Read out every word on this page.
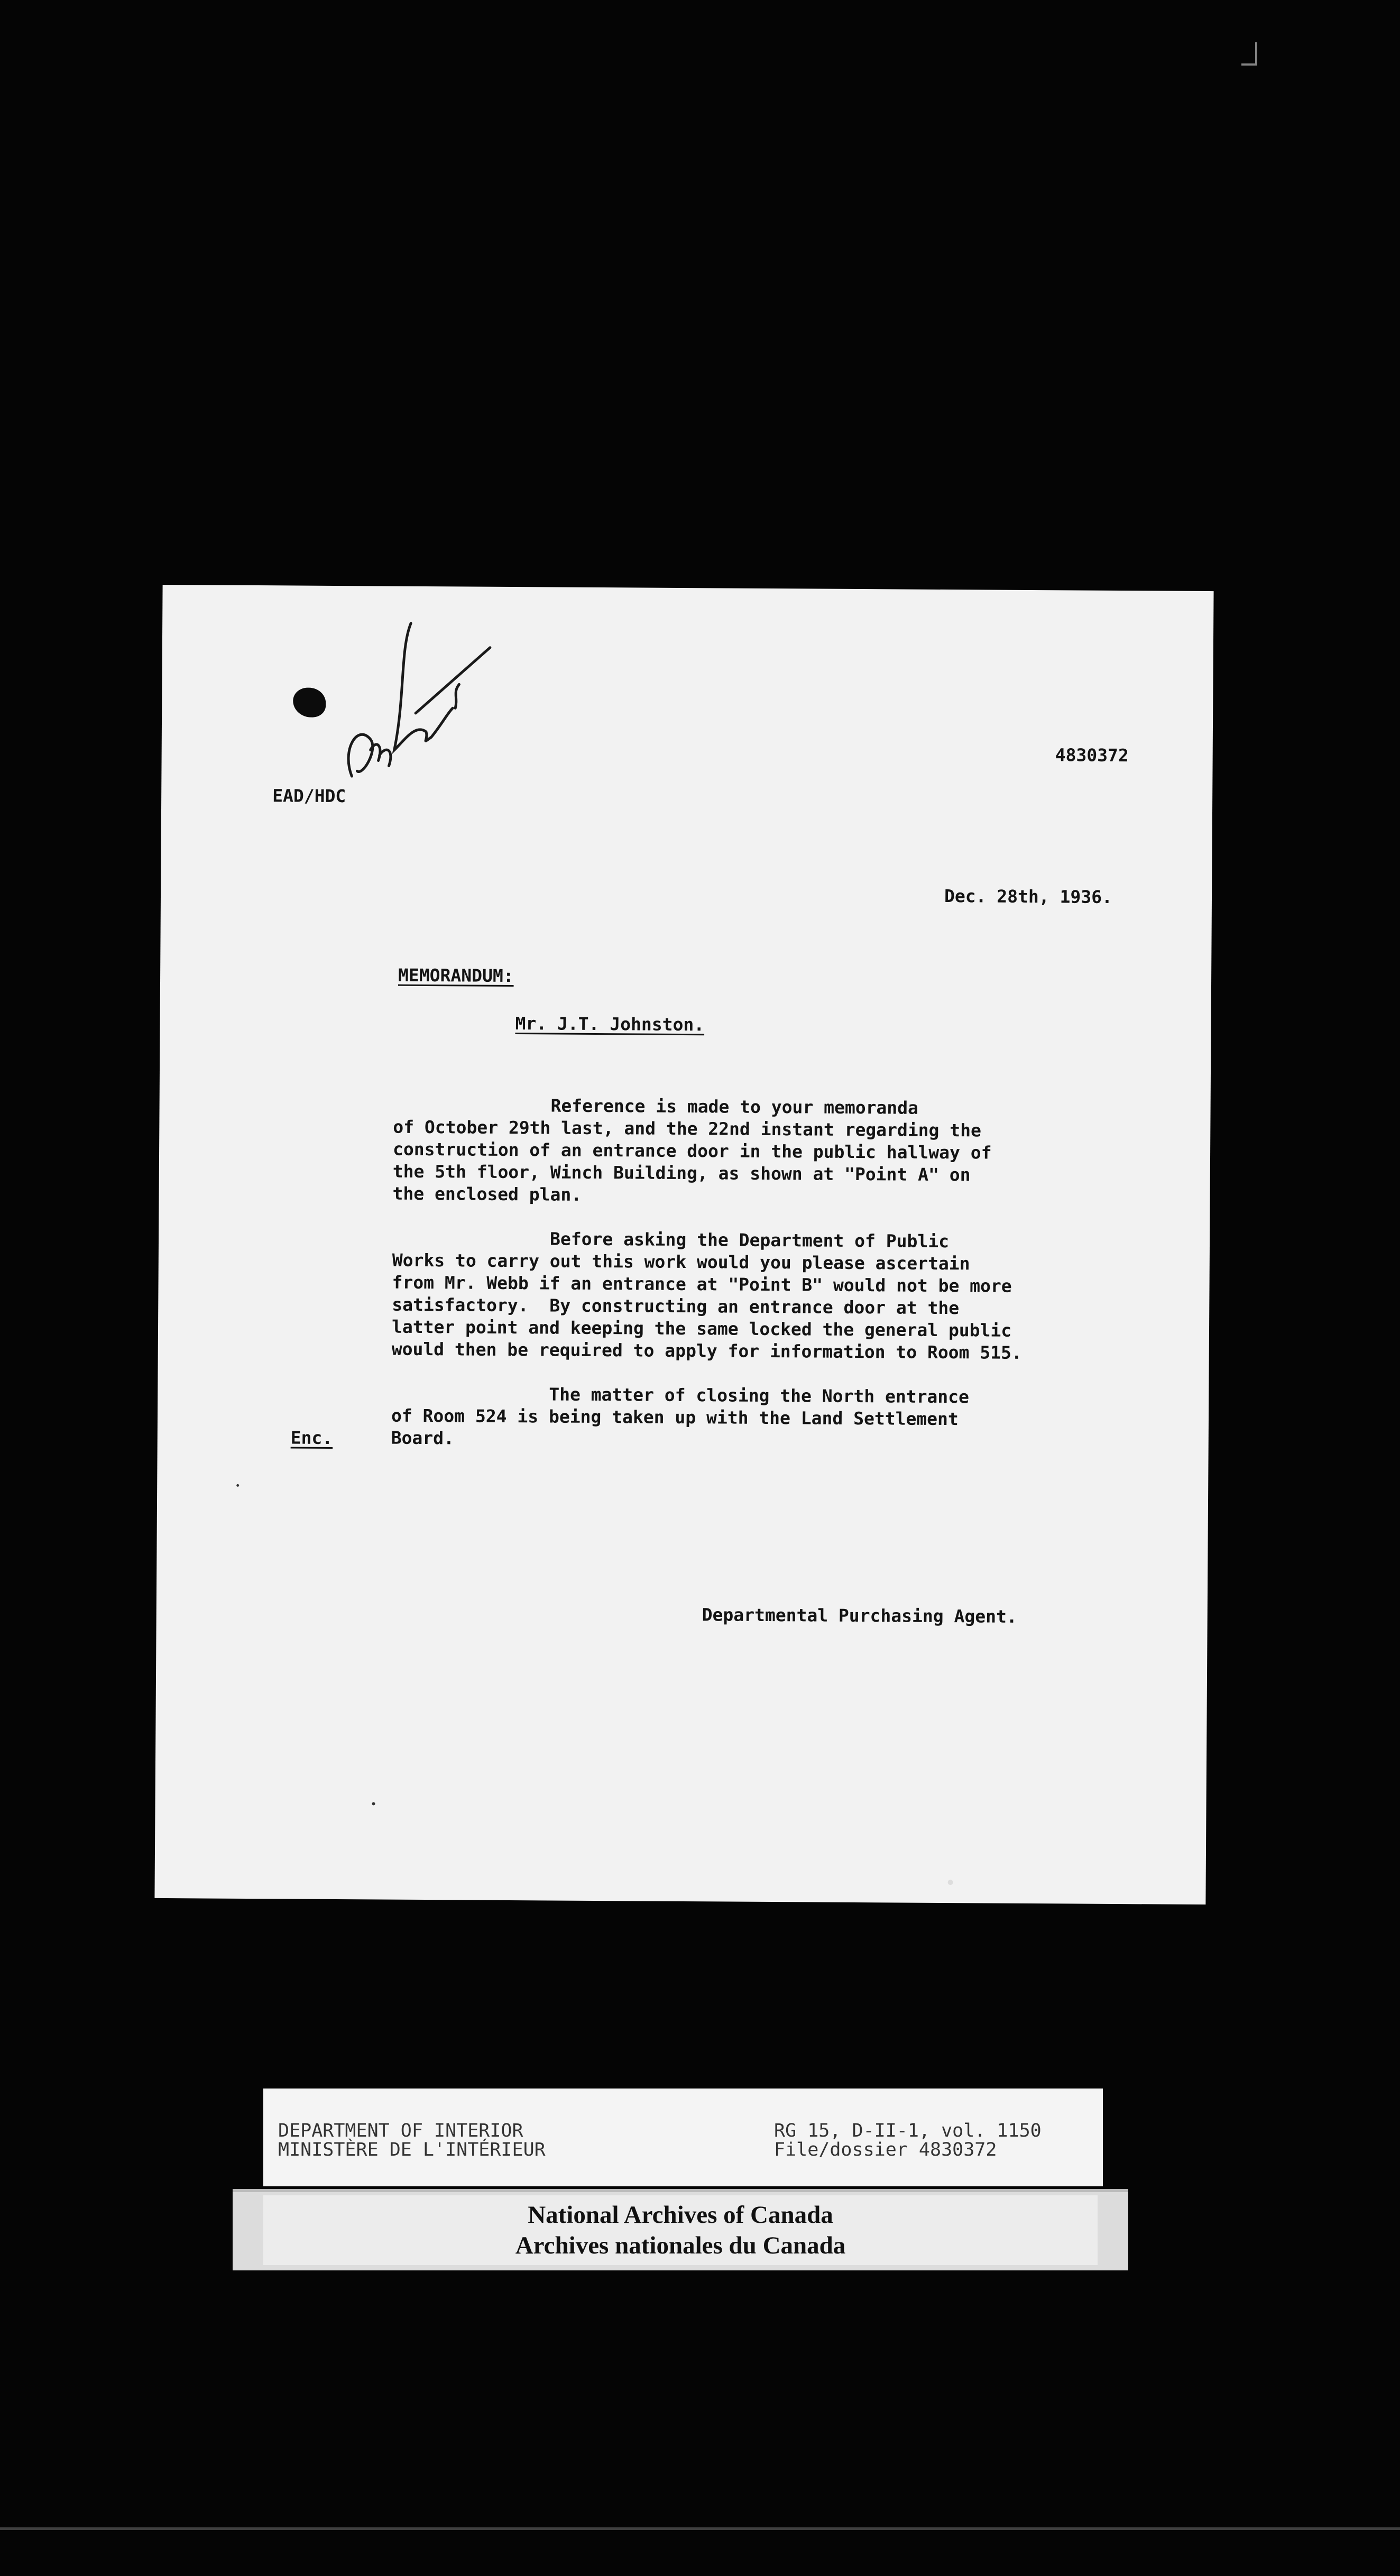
EAD/HDC
4830372
Dec. 28th, 1936.
MEMORANDUM:
Mr. J.T. Johnston.
Reference is made to your memoranda
of October 29th last, and the 22nd instant regarding the
construction of an entrance door in the public hallway of
the 5th floor, Winch Building, as shown at "Point A" on
the enclosed plan.

Before asking the Department of Public
Works to carry out this work would you please ascertain
from Mr. Webb if an entrance at "Point B" would not be more
satisfactory.  By constructing an entrance door at the
latter point and keeping the same locked the general public
would then be required to apply for information to Room 515.

The matter of closing the North entrance
of Room 524 is being taken up with the Land Settlement
Board.
Enc.
Departmental Purchasing Agent.
DEPARTMENT OF INTERIOR
MINISTÈRE DE L'INTÉRIEUR
RG 15, D-II-1, vol. 1150
File/dossier 4830372
National Archives of Canada
Archives nationales du Canada
